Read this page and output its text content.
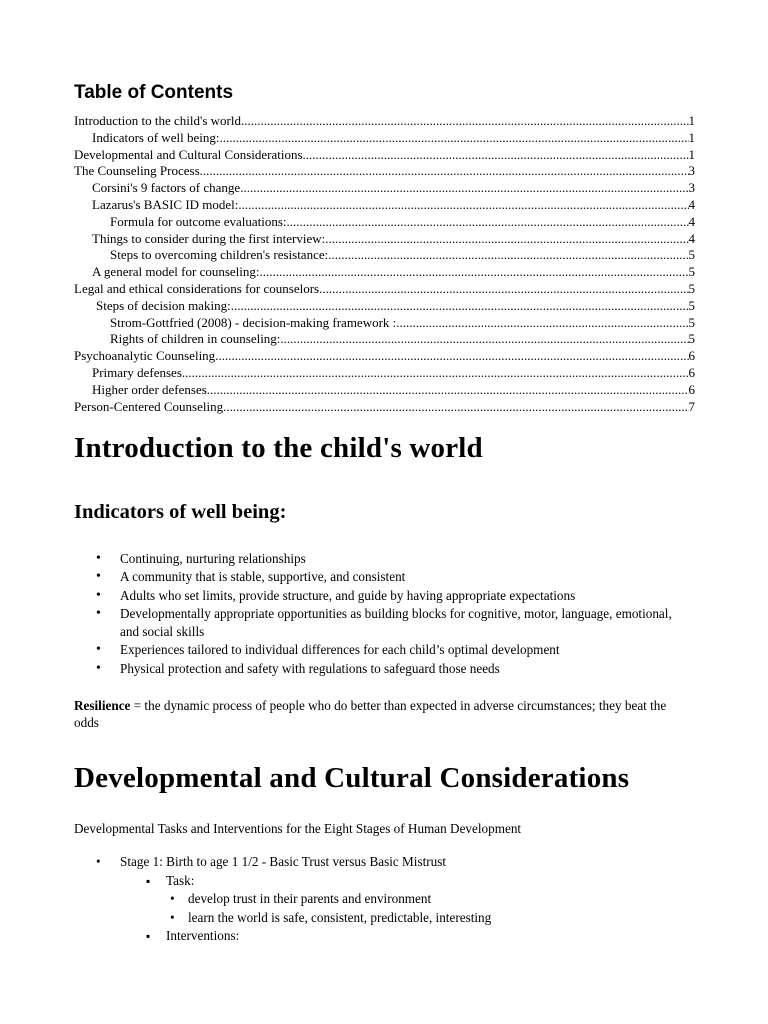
Table of Contents
Introduction to the child's world .....	1
Indicators of well being: .....	1
Developmental and Cultural Considerations .....	1
The Counseling Process .....	3
Corsini's 9 factors of change .....	3
Lazarus's BASIC ID model: .....	4
Formula for outcome evaluations: .....	4
Things to consider during the first interview: .....	4
Steps to overcoming children's resistance: .....	5
A general model for counseling: .....	5
Legal and ethical considerations for counselors .....	5
Steps of decision making: .....	5
Strom-Gottfried (2008) - decision-making framework : .....	5
Rights of children in counseling: .....	5
Psychoanalytic Counseling .....	6
Primary defenses .....	6
Higher order defenses .....	6
Person-Centered Counseling .....	7
Introduction to the child's world
Indicators of well being:
• Continuing, nurturing relationships
• A community that is stable, supportive, and consistent
• Adults who set limits, provide structure, and guide by having appropriate expectations
• Developmentally appropriate opportunities as building blocks for cognitive, motor, language, emotional, and social skills
• Experiences tailored to individual differences for each child’s optimal development
• Physical protection and safety with regulations to safeguard those needs

Resilience = the dynamic process of people who do better than expected in adverse circumstances; they beat the odds

Developmental and Cultural Considerations

Developmental Tasks and Interventions for the Eight Stages of Human Development

• Stage 1: Birth to age 1 1/2 - Basic Trust versus Basic Mistrust
▪ Task:
• develop trust in their parents and environment
• learn the world is safe, consistent, predictable, interesting
▪ Interventions:
